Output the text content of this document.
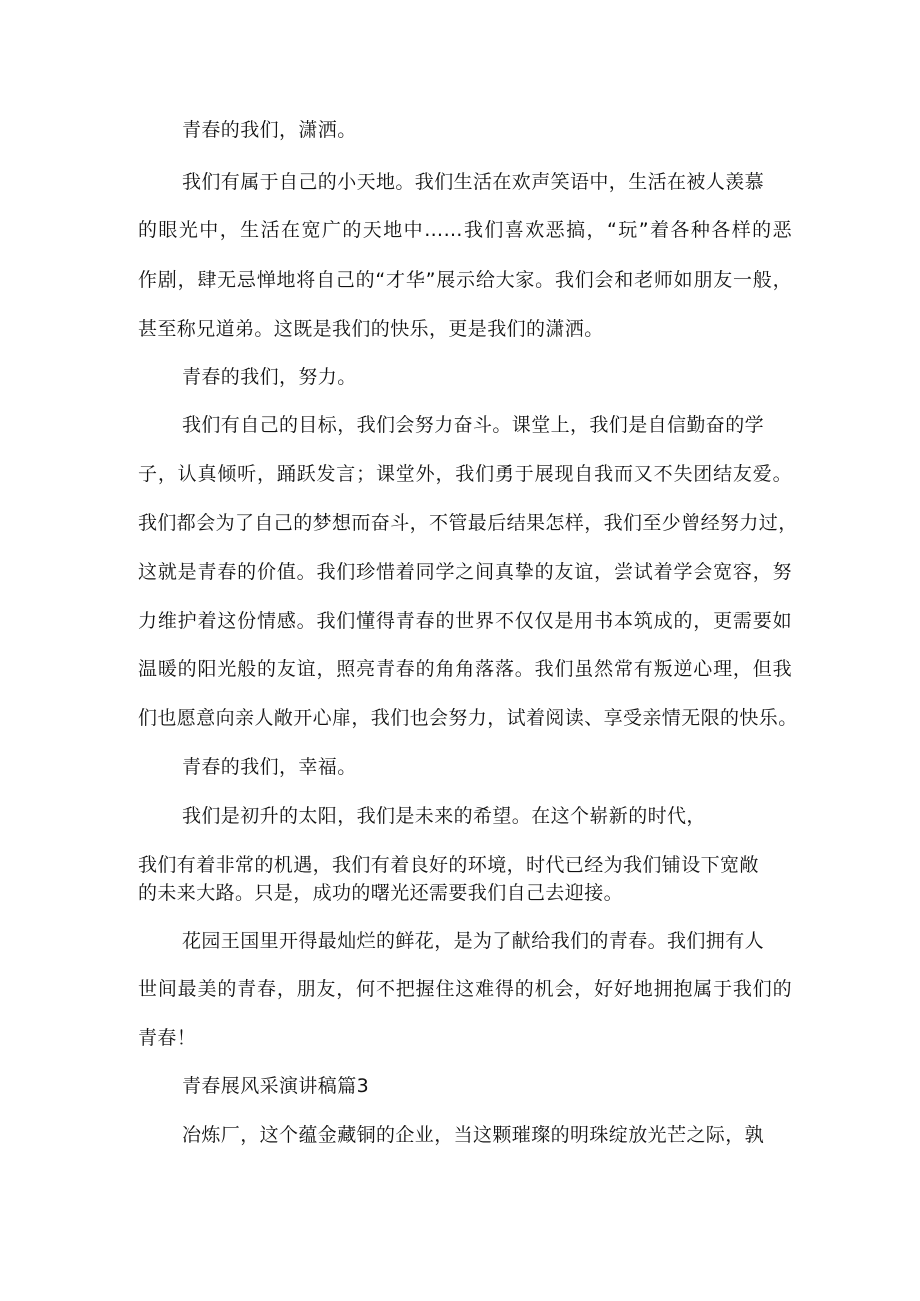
青春的我们，潇洒。
我们有属于自己的小天地。我们生活在欢声笑语中，生活在被人羡慕
的眼光中，生活在宽广的天地中……我们喜欢恶搞，“玩”着各种各样的恶
作剧，肆无忌惮地将自己的“才华”展示给大家。我们会和老师如朋友一般，
甚至称兄道弟。这既是我们的快乐，更是我们的潇洒。
青春的我们，努力。
我们有自己的目标，我们会努力奋斗。课堂上，我们是自信勤奋的学
子，认真倾听，踊跃发言；课堂外，我们勇于展现自我而又不失团结友爱。
我们都会为了自己的梦想而奋斗，不管最后结果怎样，我们至少曾经努力过，
这就是青春的价值。我们珍惜着同学之间真挚的友谊，尝试着学会宽容，努
力维护着这份情感。我们懂得青春的世界不仅仅是用书本筑成的，更需要如
温暖的阳光般的友谊，照亮青春的角角落落。我们虽然常有叛逆心理，但我
们也愿意向亲人敞开心扉，我们也会努力，试着阅读、享受亲情无限的快乐。
青春的我们，幸福。
我们是初升的太阳，我们是未来的希望。在这个崭新的时代，
我们有着非常的机遇，我们有着良好的环境，时代已经为我们铺设下宽敞
的未来大路。只是，成功的曙光还需要我们自己去迎接。
花园王国里开得最灿烂的鲜花，是为了献给我们的青春。我们拥有人
世间最美的青春，朋友，何不把握住这难得的机会，好好地拥抱属于我们的
青春！
青春展风采演讲稿篇3
冶炼厂，这个蕴金藏铜的企业，当这颗璀璨的明珠绽放光芒之际，孰
